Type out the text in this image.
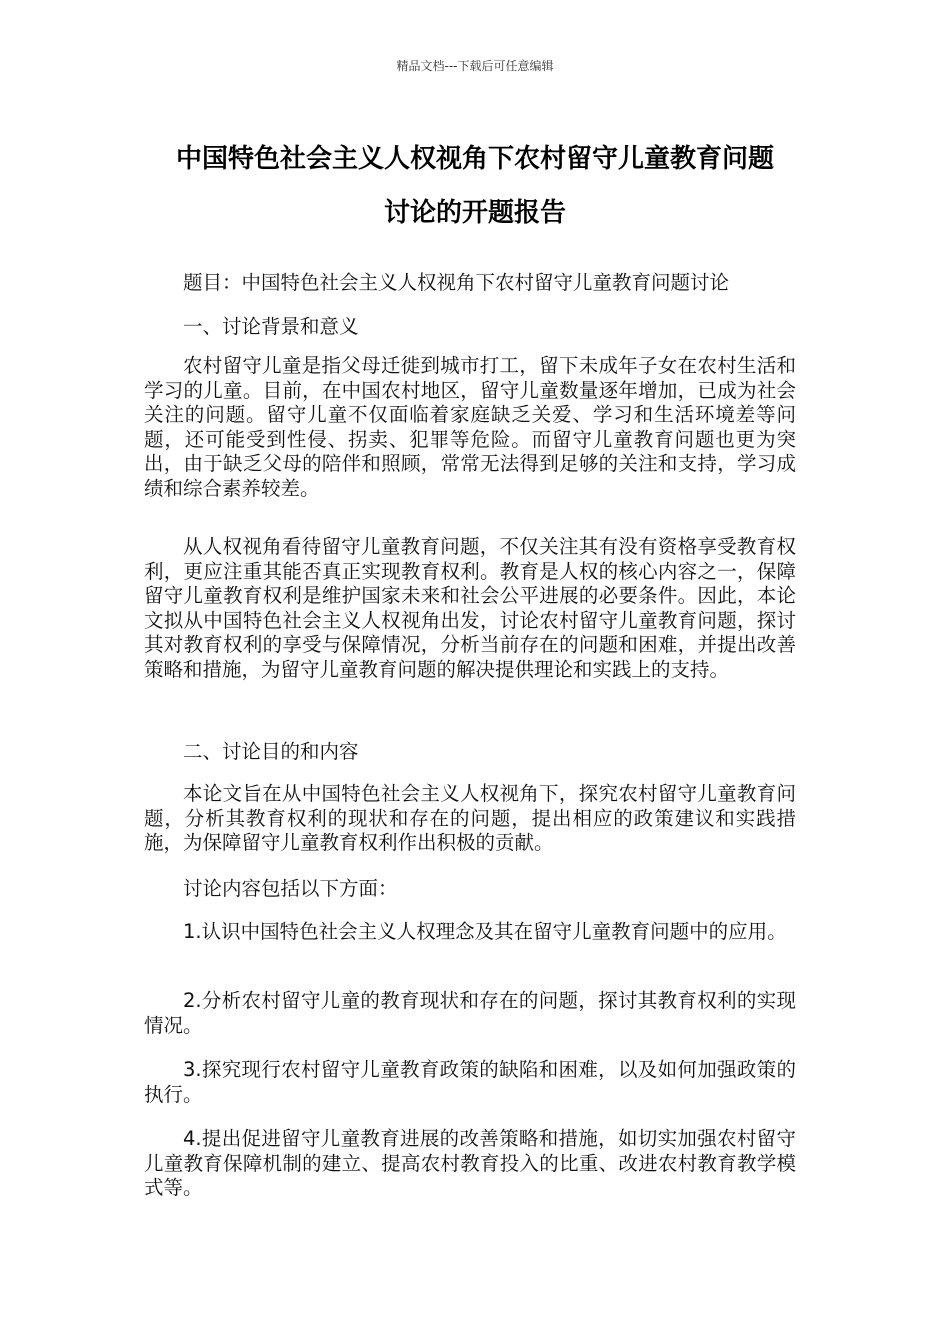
精品文档---下载后可任意编辑
中国特色社会主义人权视角下农村留守儿童教育问题
讨论的开题报告

题目：中国特色社会主义人权视角下农村留守儿童教育问题讨论

一、讨论背景和意义

农村留守儿童是指父母迁徙到城市打工，留下未成年子女在农村生活和学习的儿童。目前，在中国农村地区，留守儿童数量逐年增加，已成为社会关注的问题。留守儿童不仅面临着家庭缺乏关爱、学习和生活环境差等问题，还可能受到性侵、拐卖、犯罪等危险。而留守儿童教育问题也更为突出，由于缺乏父母的陪伴和照顾，常常无法得到足够的关注和支持，学习成绩和综合素养较差。

从人权视角看待留守儿童教育问题，不仅关注其有没有资格享受教育权利，更应注重其能否真正实现教育权利。教育是人权的核心内容之一，保障留守儿童教育权利是维护国家未来和社会公平进展的必要条件。因此，本论文拟从中国特色社会主义人权视角出发，讨论农村留守儿童教育问题，探讨其对教育权利的享受与保障情况，分析当前存在的问题和困难，并提出改善策略和措施，为留守儿童教育问题的解决提供理论和实践上的支持。

二、讨论目的和内容

本论文旨在从中国特色社会主义人权视角下，探究农村留守儿童教育问题，分析其教育权利的现状和存在的问题，提出相应的政策建议和实践措施，为保障留守儿童教育权利作出积极的贡献。

讨论内容包括以下方面：

1.认识中国特色社会主义人权理念及其在留守儿童教育问题中的应用。

2.分析农村留守儿童的教育现状和存在的问题，探讨其教育权利的实现情况。

3.探究现行农村留守儿童教育政策的缺陷和困难，以及如何加强政策的执行。

4.提出促进留守儿童教育进展的改善策略和措施，如切实加强农村留守儿童教育保障机制的建立、提高农村教育投入的比重、改进农村教育教学模式等。
